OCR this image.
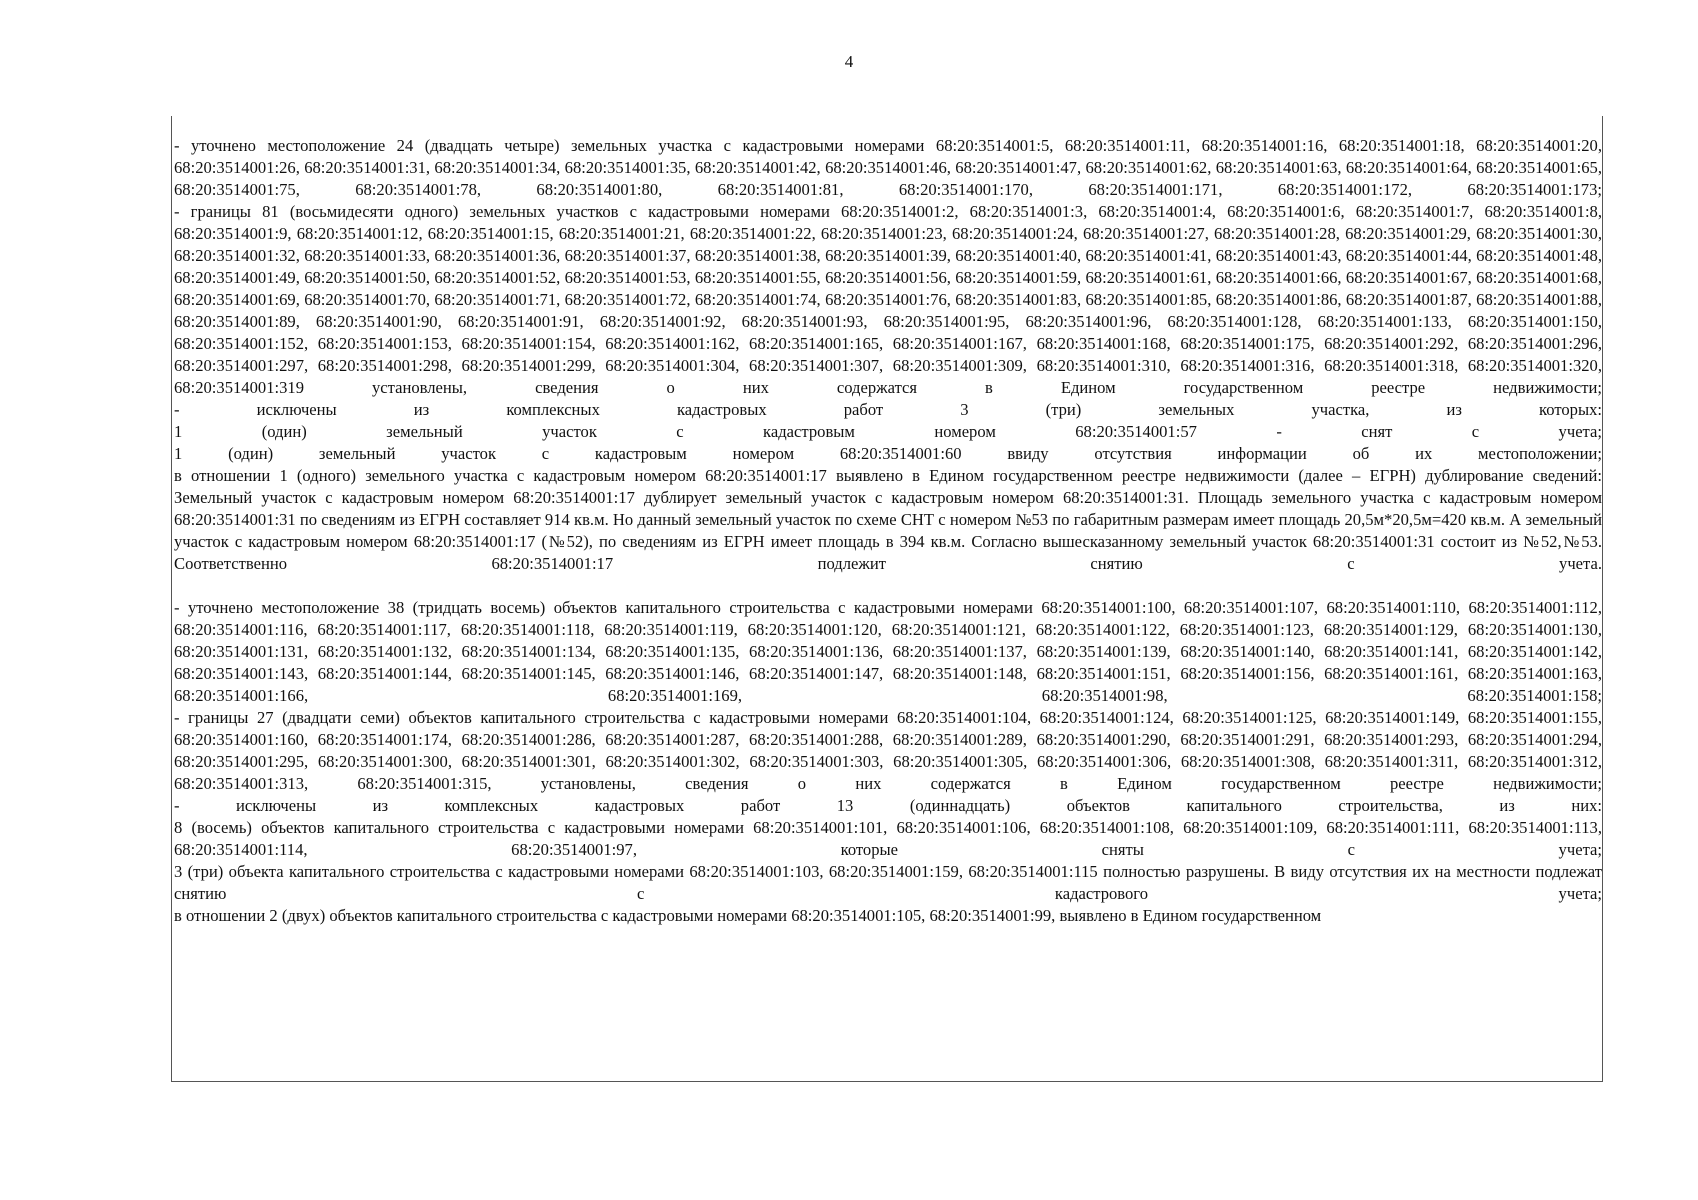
4

- уточнено местоположение 24 (двадцать четыре) земельных участка с кадастровыми номерами 68:20:3514001:5, 68:20:3514001:11, 68:20:3514001:16, 68:20:3514001:18, 68:20:3514001:20, 68:20:3514001:26, 68:20:3514001:31, 68:20:3514001:34, 68:20:3514001:35, 68:20:3514001:42, 68:20:3514001:46, 68:20:3514001:47, 68:20:3514001:62, 68:20:3514001:63, 68:20:3514001:64, 68:20:3514001:65, 68:20:3514001:75, 68:20:3514001:78, 68:20:3514001:80, 68:20:3514001:81, 68:20:3514001:170, 68:20:3514001:171, 68:20:3514001:172, 68:20:3514001:173;

- границы 81 (восьмидесяти одного) земельных участков с кадастровыми номерами 68:20:3514001:2, 68:20:3514001:3, 68:20:3514001:4, 68:20:3514001:6, 68:20:3514001:7, 68:20:3514001:8, 68:20:3514001:9, 68:20:3514001:12, 68:20:3514001:15, 68:20:3514001:21, 68:20:3514001:22, 68:20:3514001:23, 68:20:3514001:24, 68:20:3514001:27, 68:20:3514001:28, 68:20:3514001:29, 68:20:3514001:30, 68:20:3514001:32, 68:20:3514001:33, 68:20:3514001:36, 68:20:3514001:37, 68:20:3514001:38, 68:20:3514001:39, 68:20:3514001:40, 68:20:3514001:41, 68:20:3514001:43, 68:20:3514001:44, 68:20:3514001:48, 68:20:3514001:49, 68:20:3514001:50, 68:20:3514001:52, 68:20:3514001:53, 68:20:3514001:55, 68:20:3514001:56, 68:20:3514001:59, 68:20:3514001:61, 68:20:3514001:66, 68:20:3514001:67, 68:20:3514001:68, 68:20:3514001:69, 68:20:3514001:70, 68:20:3514001:71, 68:20:3514001:72, 68:20:3514001:74, 68:20:3514001:76, 68:20:3514001:83, 68:20:3514001:85, 68:20:3514001:86, 68:20:3514001:87, 68:20:3514001:88, 68:20:3514001:89, 68:20:3514001:90, 68:20:3514001:91, 68:20:3514001:92, 68:20:3514001:93, 68:20:3514001:95, 68:20:3514001:96, 68:20:3514001:128, 68:20:3514001:133, 68:20:3514001:150, 68:20:3514001:152, 68:20:3514001:153, 68:20:3514001:154, 68:20:3514001:162, 68:20:3514001:165, 68:20:3514001:167, 68:20:3514001:168, 68:20:3514001:175, 68:20:3514001:292, 68:20:3514001:296, 68:20:3514001:297, 68:20:3514001:298, 68:20:3514001:299, 68:20:3514001:304, 68:20:3514001:307, 68:20:3514001:309, 68:20:3514001:310, 68:20:3514001:316, 68:20:3514001:318, 68:20:3514001:320, 68:20:3514001:319 установлены, сведения о них содержатся в Едином государственном реестре недвижимости;

- исключены из комплексных кадастровых работ 3 (три) земельных участка, из которых:

1 (один) земельный участок с кадастровым номером 68:20:3514001:57 - снят с учета;

1 (один) земельный участок с кадастровым номером 68:20:3514001:60 ввиду отсутствия информации об их местоположении;

в отношении 1 (одного) земельного участка с кадастровым номером 68:20:3514001:17 выявлено в Едином государственном реестре недвижимости (далее – ЕГРН) дублирование сведений:

Земельный участок с кадастровым номером 68:20:3514001:17 дублирует земельный участок с кадастровым номером 68:20:3514001:31. Площадь земельного участка с кадастровым номером 68:20:3514001:31 по сведениям из ЕГРН составляет 914 кв.м. Но данный земельный участок по схеме СНТ с номером №53 по габаритным размерам имеет площадь 20,5м*20,5м=420 кв.м. А земельный участок с кадастровым номером 68:20:3514001:17 (№52), по сведениям из ЕГРН имеет площадь в 394 кв.м. Согласно вышесказанному земельный участок 68:20:3514001:31 состоит из №52,№53. Соответственно 68:20:3514001:17 подлежит снятию с учета.

- уточнено местоположение 38 (тридцать восемь) объектов капитального строительства с кадастровыми номерами 68:20:3514001:100, 68:20:3514001:107, 68:20:3514001:110, 68:20:3514001:112, 68:20:3514001:116, 68:20:3514001:117, 68:20:3514001:118, 68:20:3514001:119, 68:20:3514001:120, 68:20:3514001:121, 68:20:3514001:122, 68:20:3514001:123, 68:20:3514001:129, 68:20:3514001:130, 68:20:3514001:131, 68:20:3514001:132, 68:20:3514001:134, 68:20:3514001:135, 68:20:3514001:136, 68:20:3514001:137, 68:20:3514001:139, 68:20:3514001:140, 68:20:3514001:141, 68:20:3514001:142, 68:20:3514001:143, 68:20:3514001:144, 68:20:3514001:145, 68:20:3514001:146, 68:20:3514001:147, 68:20:3514001:148, 68:20:3514001:151, 68:20:3514001:156, 68:20:3514001:161, 68:20:3514001:163, 68:20:3514001:166, 68:20:3514001:169, 68:20:3514001:98, 68:20:3514001:158;

- границы 27 (двадцати семи) объектов капитального строительства с кадастровыми номерами 68:20:3514001:104, 68:20:3514001:124, 68:20:3514001:125, 68:20:3514001:149, 68:20:3514001:155, 68:20:3514001:160, 68:20:3514001:174, 68:20:3514001:286, 68:20:3514001:287, 68:20:3514001:288, 68:20:3514001:289, 68:20:3514001:290, 68:20:3514001:291, 68:20:3514001:293, 68:20:3514001:294, 68:20:3514001:295, 68:20:3514001:300, 68:20:3514001:301, 68:20:3514001:302, 68:20:3514001:303, 68:20:3514001:305, 68:20:3514001:306, 68:20:3514001:308, 68:20:3514001:311, 68:20:3514001:312, 68:20:3514001:313, 68:20:3514001:315, установлены, сведения о них содержатся в Едином государственном реестре недвижимости;

- исключены из комплексных кадастровых работ 13 (одиннадцать) объектов капитального строительства, из них:

8 (восемь) объектов капитального строительства с кадастровыми номерами 68:20:3514001:101, 68:20:3514001:106, 68:20:3514001:108, 68:20:3514001:109, 68:20:3514001:111, 68:20:3514001:113, 68:20:3514001:114, 68:20:3514001:97, которые сняты с учета;

3 (три) объекта капитального строительства с кадастровыми номерами 68:20:3514001:103, 68:20:3514001:159, 68:20:3514001:115 полностью разрушены. В виду отсутствия их на местности подлежат снятию с кадастрового учета;

в отношении 2 (двух) объектов капитального строительства с кадастровыми номерами 68:20:3514001:105, 68:20:3514001:99, выявлено в Едином государственном
